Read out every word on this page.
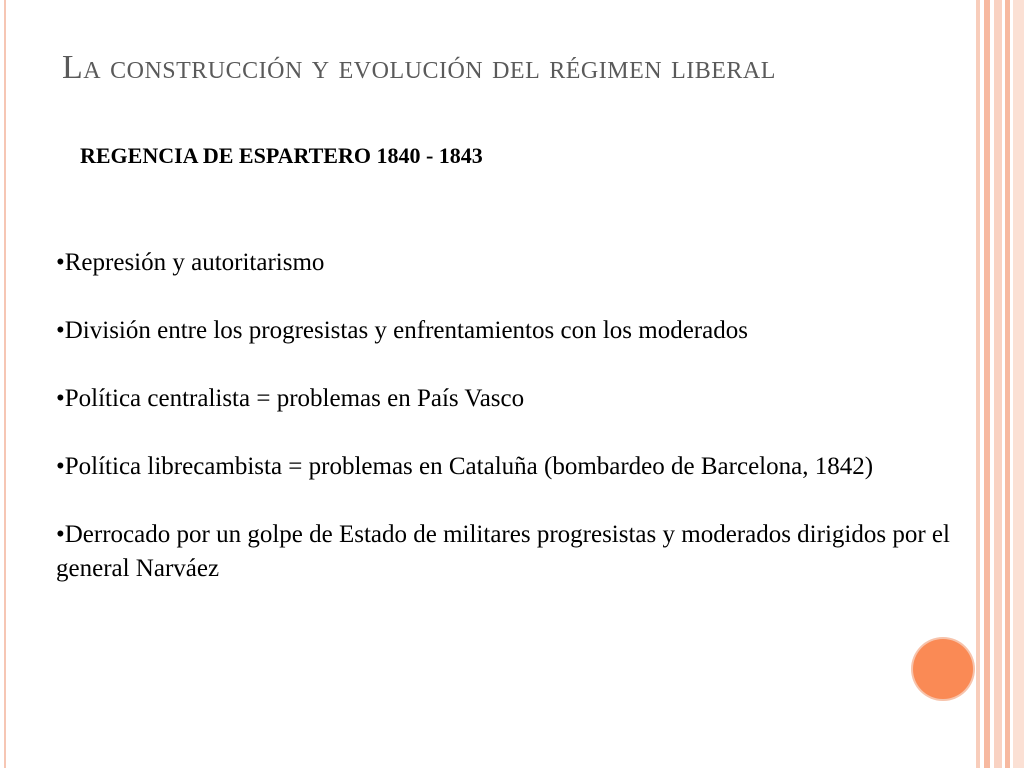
La construcción y evolución del régimen liberal
REGENCIA DE ESPARTERO 1840 - 1843
•Represión y autoritarismo
•División entre los progresistas y enfrentamientos con los moderados
•Política centralista = problemas en País Vasco
•Política librecambista = problemas en Cataluña (bombardeo de Barcelona, 1842)
•Derrocado por un golpe de Estado de militares progresistas y moderados dirigidos por el general Narváez
